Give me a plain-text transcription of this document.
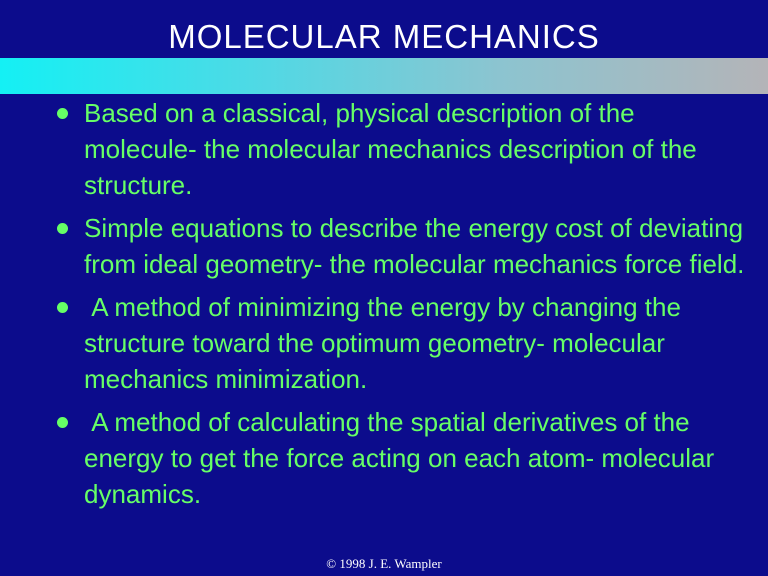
MOLECULAR MECHANICS
Based on a classical, physical description of the molecule- the molecular mechanics description of the structure.
Simple equations to describe the energy cost of deviating from ideal geometry- the molecular mechanics force field.
A method of minimizing the energy by changing the structure toward the optimum geometry- molecular mechanics minimization.
A method of calculating the spatial derivatives of the energy to get the force acting on each atom- molecular dynamics.
© 1998 J. E. Wampler
